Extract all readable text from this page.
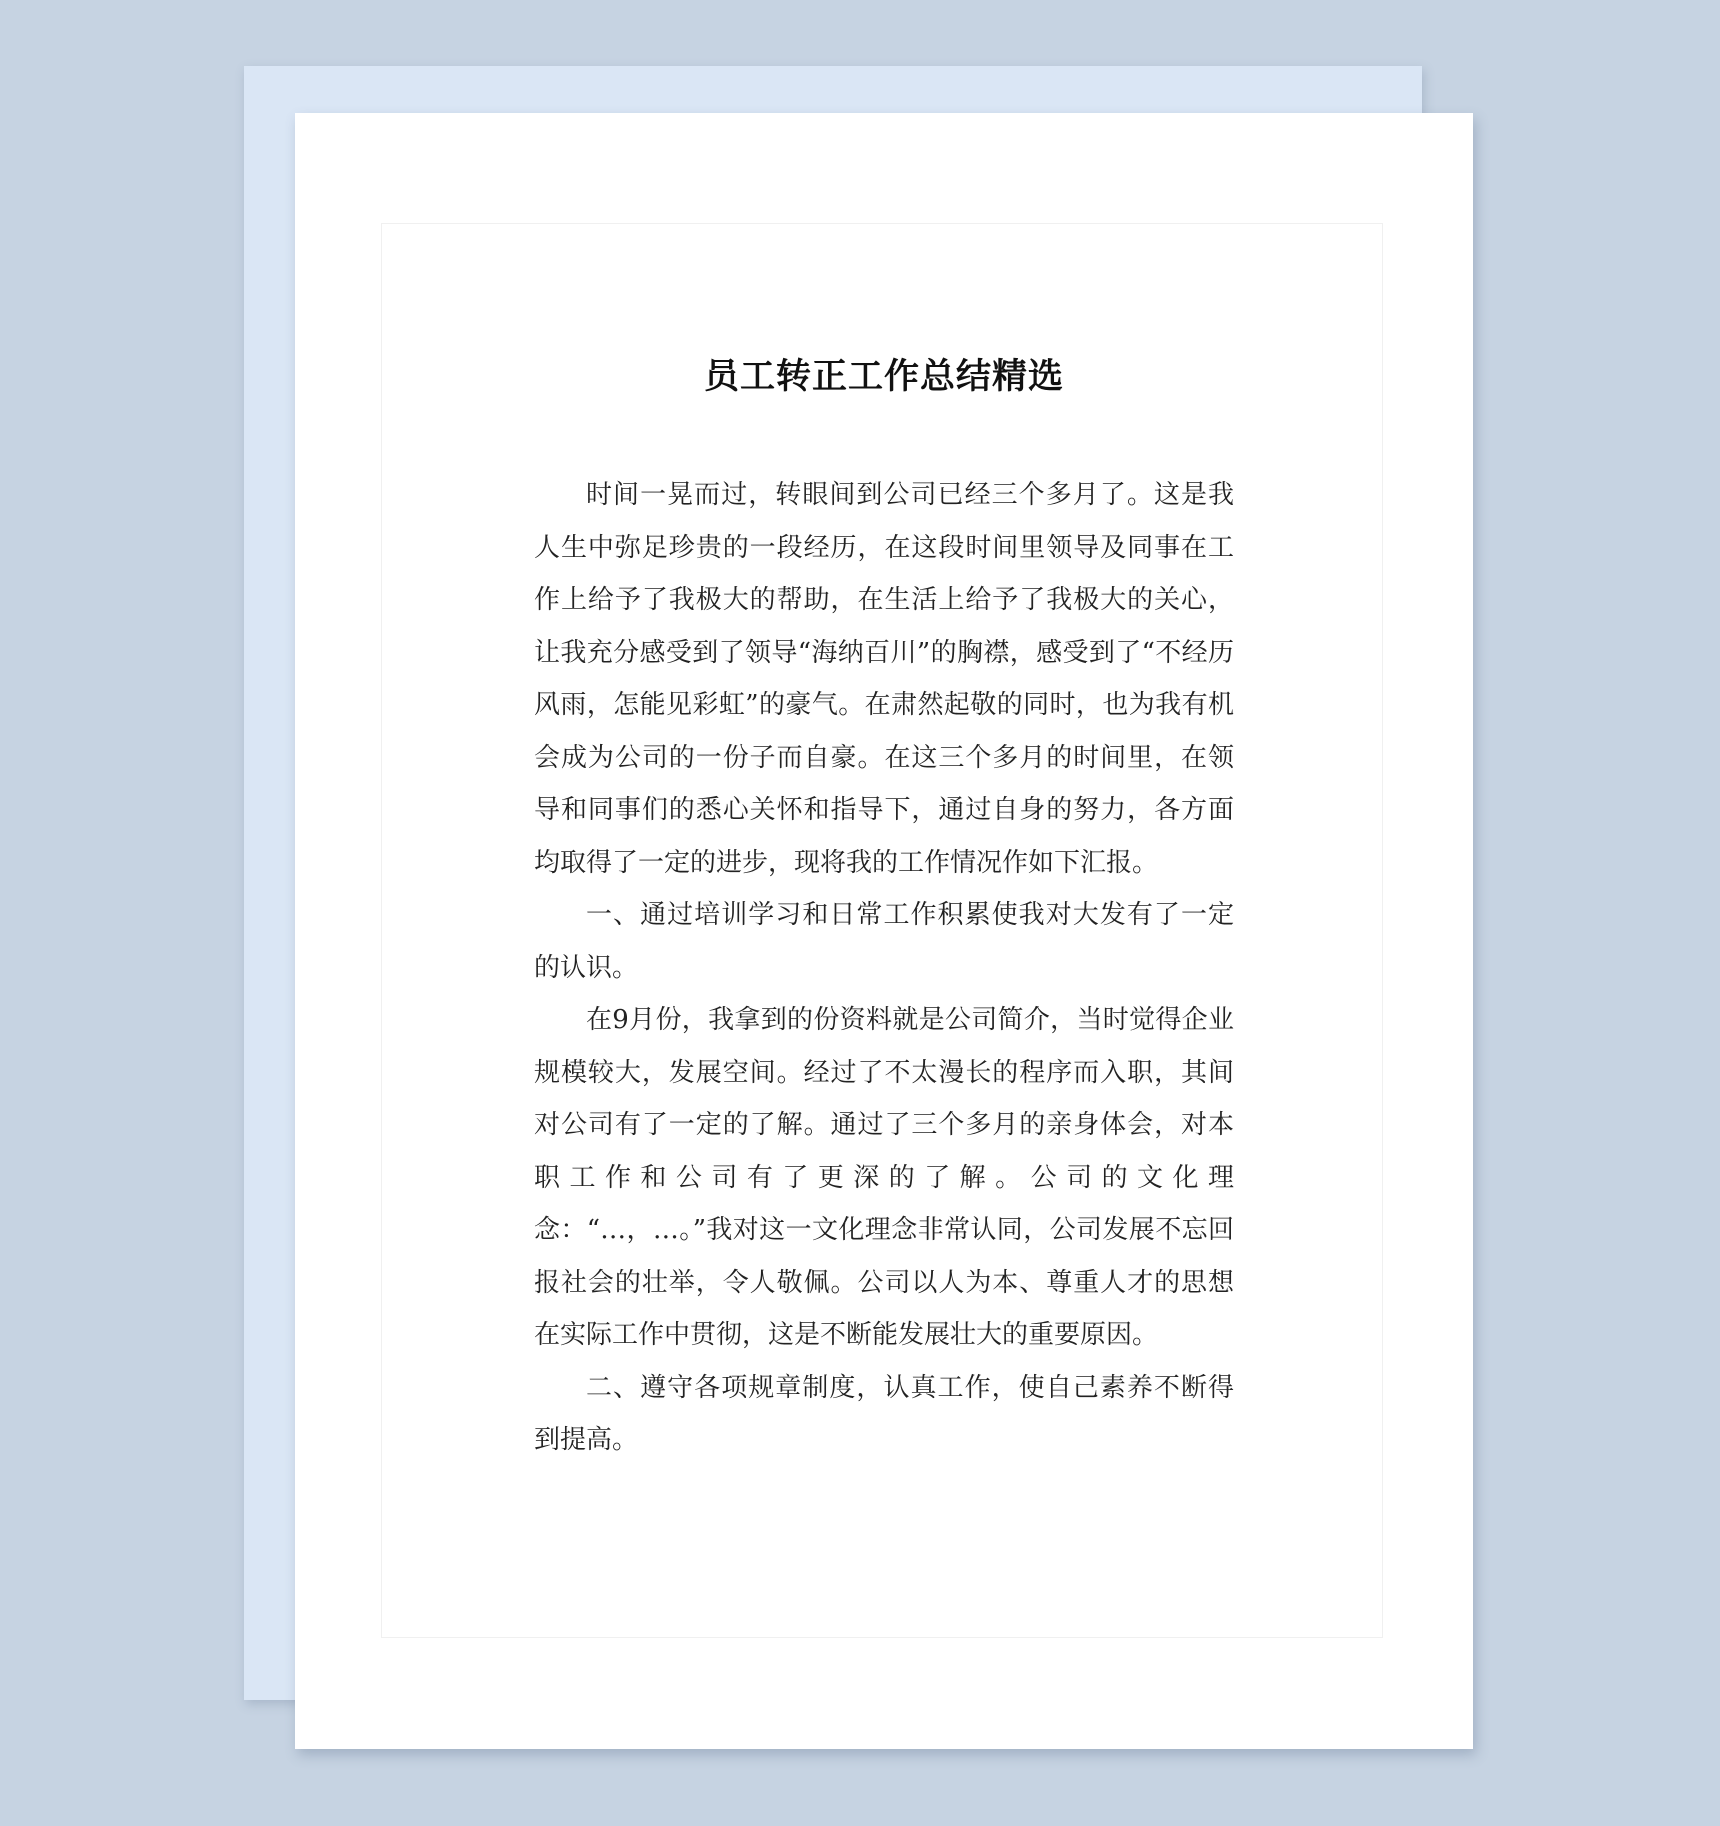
员工转正工作总结精选

时间一晃而过，转眼间到公司已经三个多月了。这是我人生中弥足珍贵的一段经历，在这段时间里领导及同事在工作上给予了我极大的帮助，在生活上给予了我极大的关心，让我充分感受到了领导“海纳百川”的胸襟，感受到了“不经历风雨，怎能见彩虹”的豪气。在肃然起敬的同时，也为我有机会成为公司的一份子而自豪。在这三个多月的时间里，在领导和同事们的悉心关怀和指导下，通过自身的努力，各方面均取得了一定的进步，现将我的工作情况作如下汇报。

一、通过培训学习和日常工作积累使我对大发有了一定的认识。

在9月份，我拿到的份资料就是公司简介，当时觉得企业规模较大，发展空间。经过了不太漫长的程序而入职，其间对公司有了一定的了解。通过了三个多月的亲身体会，对本职工作和公司有了更深的了解。公司的文化理念：“…，…。”我对这一文化理念非常认同，公司发展不忘回报社会的壮举，令人敬佩。公司以人为本、尊重人才的思想在实际工作中贯彻，这是不断能发展壮大的重要原因。

二、遵守各项规章制度，认真工作，使自己素养不断得到提高。
